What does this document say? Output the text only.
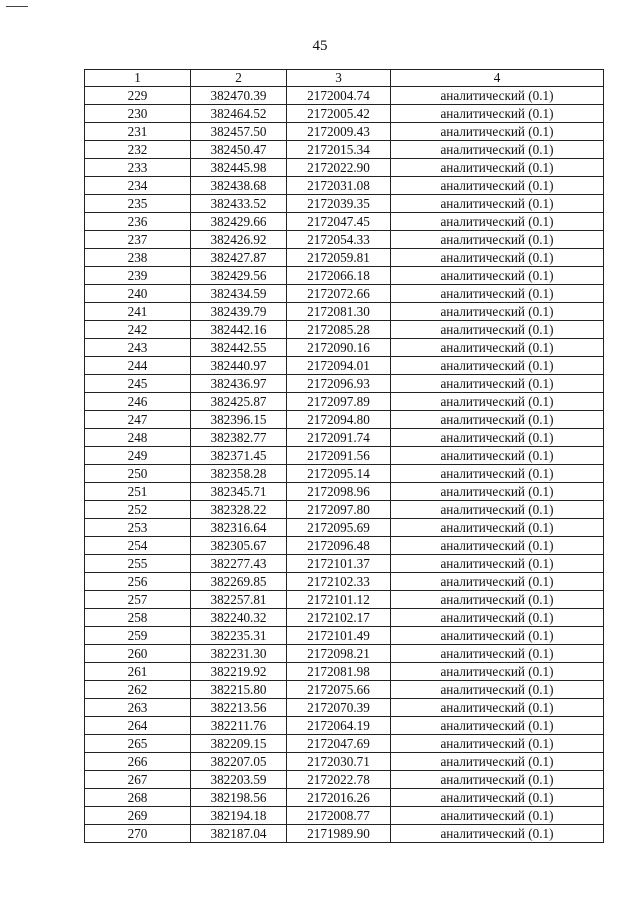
45
1	2	3	4
229	382470.39	2172004.74	аналитический (0.1)
230	382464.52	2172005.42	аналитический (0.1)
231	382457.50	2172009.43	аналитический (0.1)
232	382450.47	2172015.34	аналитический (0.1)
233	382445.98	2172022.90	аналитический (0.1)
234	382438.68	2172031.08	аналитический (0.1)
235	382433.52	2172039.35	аналитический (0.1)
236	382429.66	2172047.45	аналитический (0.1)
237	382426.92	2172054.33	аналитический (0.1)
238	382427.87	2172059.81	аналитический (0.1)
239	382429.56	2172066.18	аналитический (0.1)
240	382434.59	2172072.66	аналитический (0.1)
241	382439.79	2172081.30	аналитический (0.1)
242	382442.16	2172085.28	аналитический (0.1)
243	382442.55	2172090.16	аналитический (0.1)
244	382440.97	2172094.01	аналитический (0.1)
245	382436.97	2172096.93	аналитический (0.1)
246	382425.87	2172097.89	аналитический (0.1)
247	382396.15	2172094.80	аналитический (0.1)
248	382382.77	2172091.74	аналитический (0.1)
249	382371.45	2172091.56	аналитический (0.1)
250	382358.28	2172095.14	аналитический (0.1)
251	382345.71	2172098.96	аналитический (0.1)
252	382328.22	2172097.80	аналитический (0.1)
253	382316.64	2172095.69	аналитический (0.1)
254	382305.67	2172096.48	аналитический (0.1)
255	382277.43	2172101.37	аналитический (0.1)
256	382269.85	2172102.33	аналитический (0.1)
257	382257.81	2172101.12	аналитический (0.1)
258	382240.32	2172102.17	аналитический (0.1)
259	382235.31	2172101.49	аналитический (0.1)
260	382231.30	2172098.21	аналитический (0.1)
261	382219.92	2172081.98	аналитический (0.1)
262	382215.80	2172075.66	аналитический (0.1)
263	382213.56	2172070.39	аналитический (0.1)
264	382211.76	2172064.19	аналитический (0.1)
265	382209.15	2172047.69	аналитический (0.1)
266	382207.05	2172030.71	аналитический (0.1)
267	382203.59	2172022.78	аналитический (0.1)
268	382198.56	2172016.26	аналитический (0.1)
269	382194.18	2172008.77	аналитический (0.1)
270	382187.04	2171989.90	аналитический (0.1)
